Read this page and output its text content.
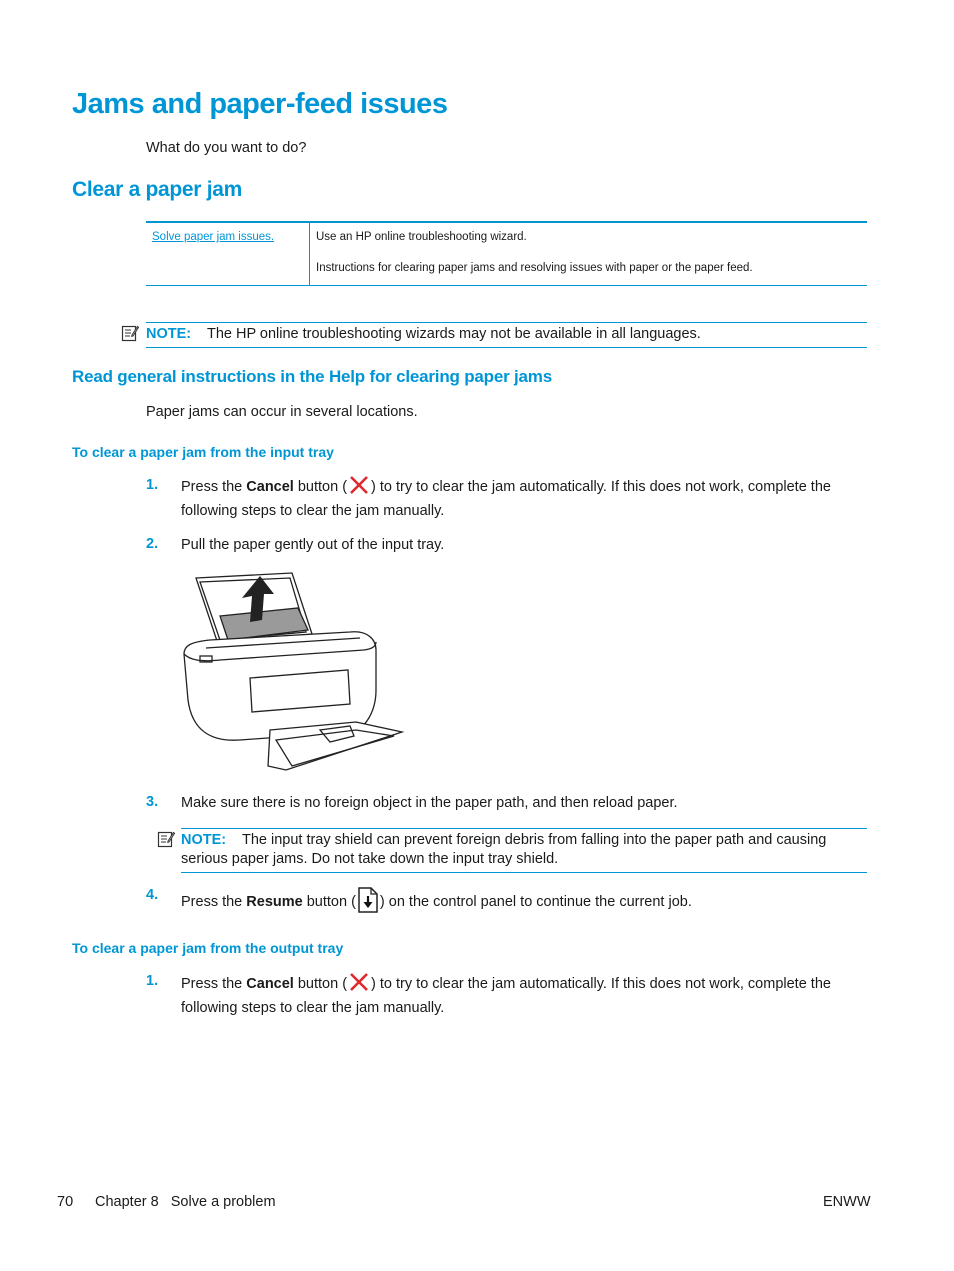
Jams and paper-feed issues

What do you want to do?

Clear a paper jam
Solve paper jam issues.	Use an HP online troubleshooting wizard.
Instructions for clearing paper jams and resolving issues with paper or the paper feed.
NOTE: The HP online troubleshooting wizards may not be available in all languages.
Read general instructions in the Help for clearing paper jams

Paper jams can occur in several locations.

To clear a paper jam from the input tray
1. Press the Cancel button ( ) to try to clear the jam automatically. If this does not work, complete the following steps to clear the jam manually.

2. Pull the paper gently out of the input tray.

3. Make sure there is no foreign object in the paper path, and then reload paper.

NOTE: The input tray shield can prevent foreign debris from falling into the paper path and causing serious paper jams. Do not take down the input tray shield.
4. Press the Resume button ( ) on the control panel to continue the current job.

To clear a paper jam from the output tray
1. Press the Cancel button ( ) to try to clear the jam automatically. If this does not work, complete the following steps to clear the jam manually.

70 Chapter 8   Solve a problem	ENWW
